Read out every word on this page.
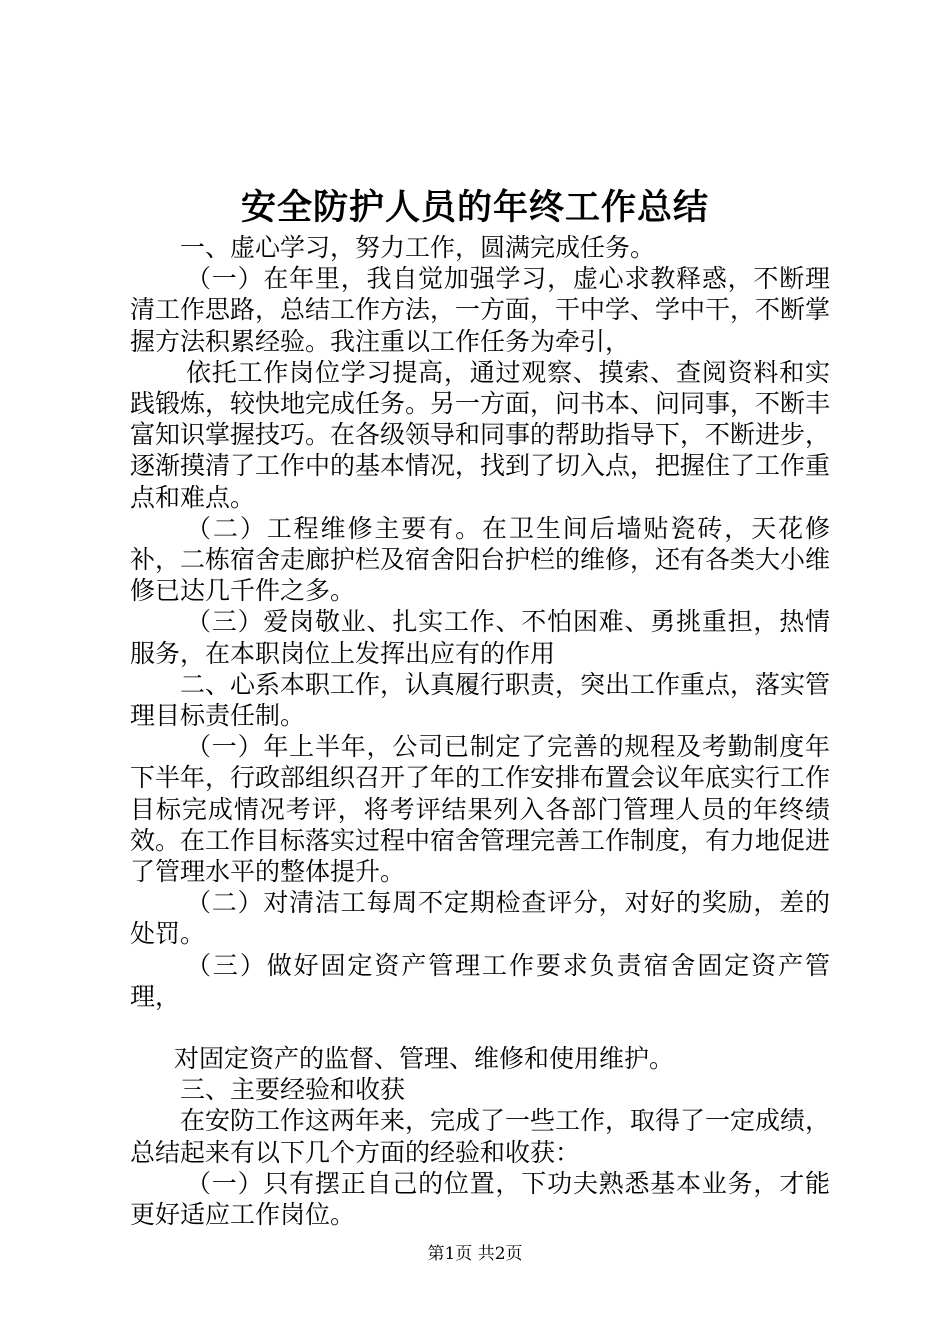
安全防护人员的年终工作总结

一、虚心学习，努力工作，圆满完成任务。

（一）在年里，我自觉加强学习，虚心求教释惑，不断理清工作思路，总结工作方法，一方面，干中学、学中干，不断掌握方法积累经验。我注重以工作任务为牵引，

依托工作岗位学习提高，通过观察、摸索、查阅资料和实践锻炼，较快地完成任务。另一方面，问书本、问同事，不断丰富知识掌握技巧。在各级领导和同事的帮助指导下，不断进步，逐渐摸清了工作中的基本情况，找到了切入点，把握住了工作重点和难点。

（二）工程维修主要有。在卫生间后墙贴瓷砖，天花修补，二栋宿舍走廊护栏及宿舍阳台护栏的维修，还有各类大小维修已达几千件之多。

（三）爱岗敬业、扎实工作、不怕困难、勇挑重担，热情服务，在本职岗位上发挥出应有的作用

二、心系本职工作，认真履行职责，突出工作重点，落实管理目标责任制。

（一）年上半年，公司已制定了完善的规程及考勤制度年下半年，行政部组织召开了年的工作安排布置会议年底实行工作目标完成情况考评，将考评结果列入各部门管理人员的年终绩效。在工作目标落实过程中宿舍管理完善工作制度，有力地促进了管理水平的整体提升。

（二）对清洁工每周不定期检查评分，对好的奖励，差的处罚。

（三）做好固定资产管理工作要求负责宿舍固定资产管理，

对固定资产的监督、管理、维修和使用维护。

三、主要经验和收获

在安防工作这两年来，完成了一些工作，取得了一定成绩，总结起来有以下几个方面的经验和收获：

（一）只有摆正自己的位置，下功夫熟悉基本业务，才能更好适应工作岗位。

第1页 共2页
